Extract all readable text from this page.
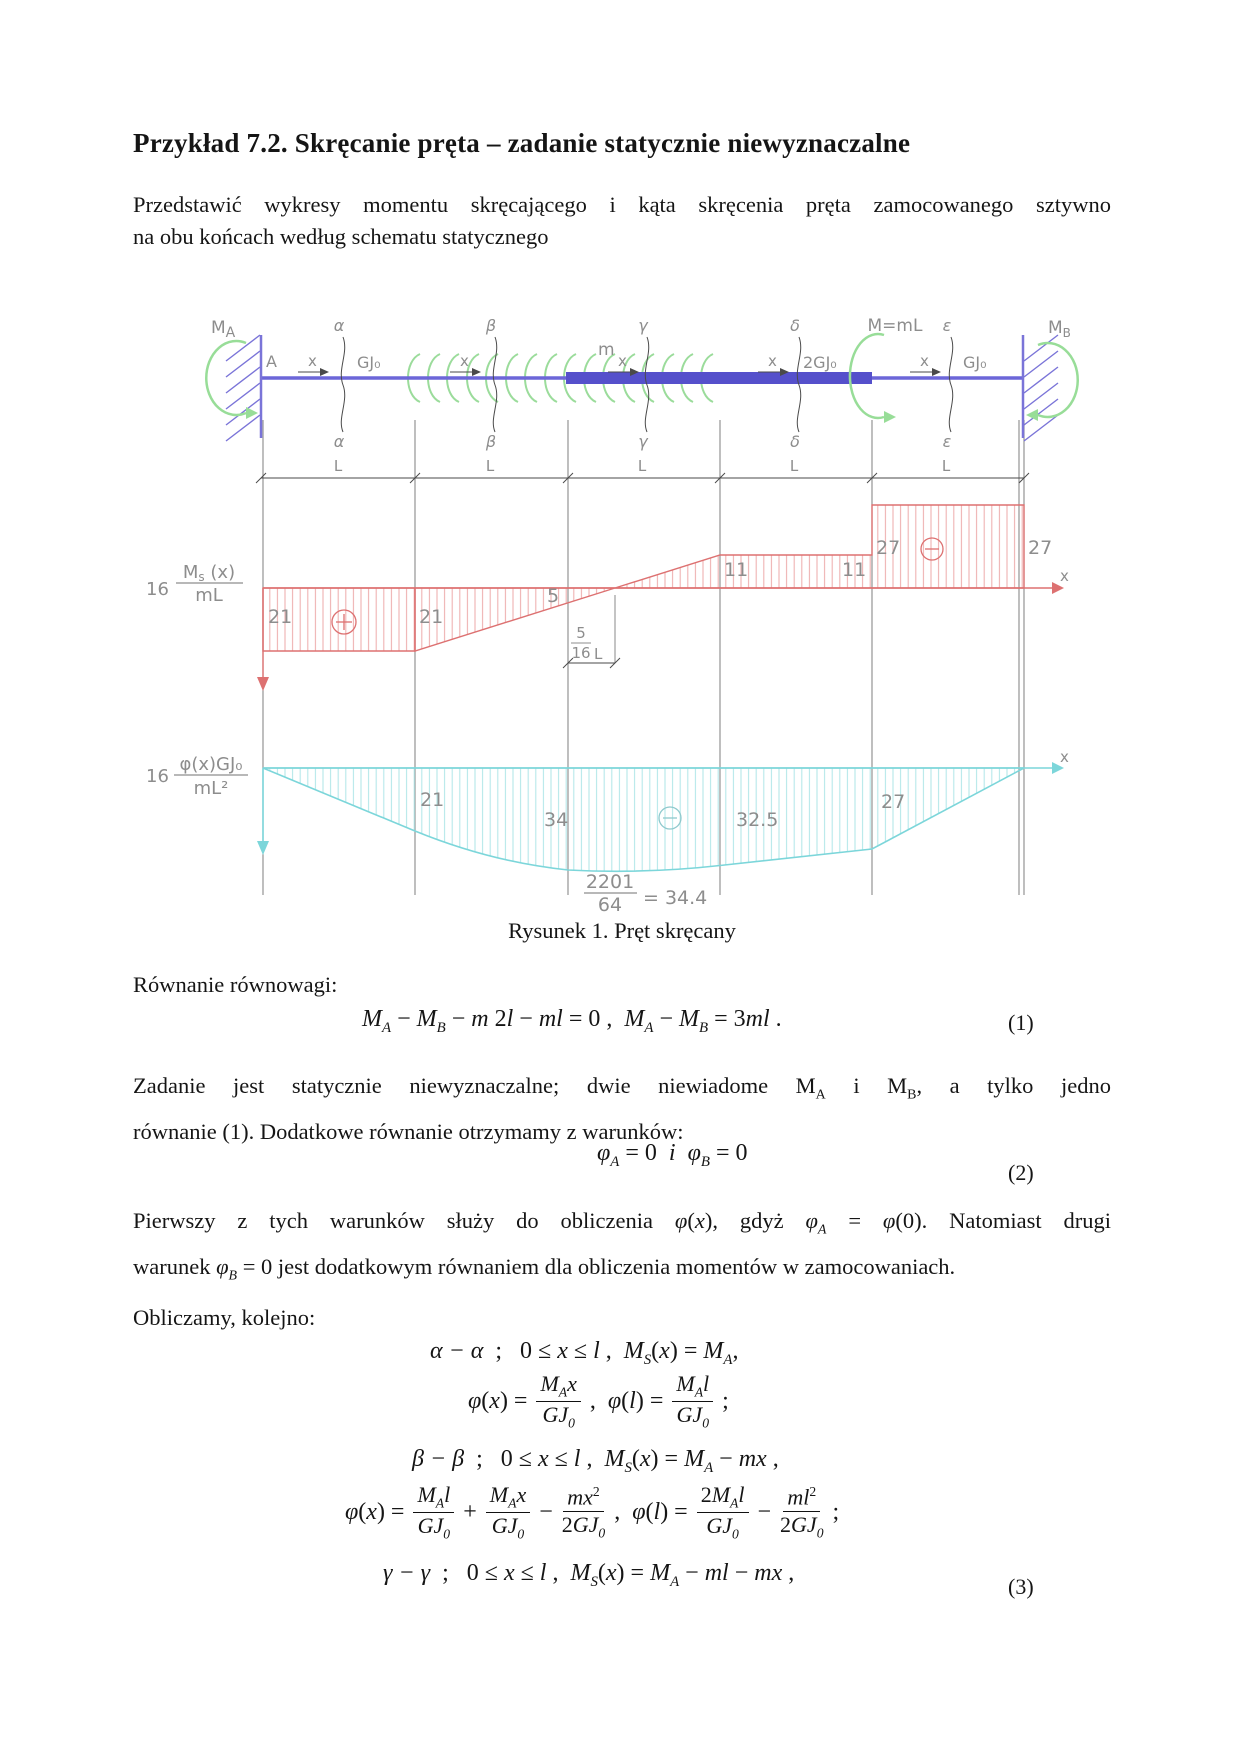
Przykład 7.2. Skręcanie pręta – zadanie statycznie niewyznaczalne
Przedstawić wykresy momentu skręcającego i kąta skręcenia pręta zamocowanego sztywno
na obu końcach według schematu statycznego
x	x	x	x	x
$M_A$	$M_B$
A	GJ₀
m
2GJ₀
M=mL
GJ₀
α	β	γ	δ	ε
α	β	γ	δ	ε
L	L	L	L	L
x
16
Ms (x)
mL
21	21
5
11	11
27	27
5
16 L
x
16
φ(x)GJ₀
mL²
21
34	32.5
27
2201
64 = 34.4
Rysunek 1. Pręt skręcany
Równanie równowagi:
$M_A - M_B - m$ 2l − ml = 0 ,  $M_A - M_B = 3ml$ .	(1)
Zadanie jest statycznie niewyznaczalne; dwie niewiadome $M_A$ i $M_B$, a tylko jedno
równanie (1). Dodatkowe równanie otrzymamy z warunków:
$\varphi_A = 0$  i $\varphi_B = 0$
(2)
Pierwszy z tych warunków służy do obliczenia φ(x), gdyż $\varphi_A = \varphi(0)$. Natomiast drugi
warunek $\varphi_B = 0$ jest dodatkowym równaniem dla obliczenia momentów w zamocowaniach.
Obliczamy, kolejno:
α − α  ;   0 ≤ x ≤ l ,  $M_S(x) = M_A$,
$\varphi(x) = \frac{M_Ax}{GJ_0}$ ,  $\varphi(l) = \frac{M_Al}{GJ_0}$ ;
β − β  ;   0 ≤ x ≤ l ,  $M_S(x) = M_A$ − mx ,
$\varphi(x) = \frac{M_Al}{GJ_0} + \frac{M_Ax}{GJ_0} - \frac{mx^2}{2GJ_0}$ ,  $\varphi(l) = \frac{2M_Al}{GJ_0} - \frac{ml^2}{2GJ_0}$ ;
γ − γ  ;   0 ≤ x ≤ l ,  $M_S(x) = M_A$ − ml − mx ,
(3)
